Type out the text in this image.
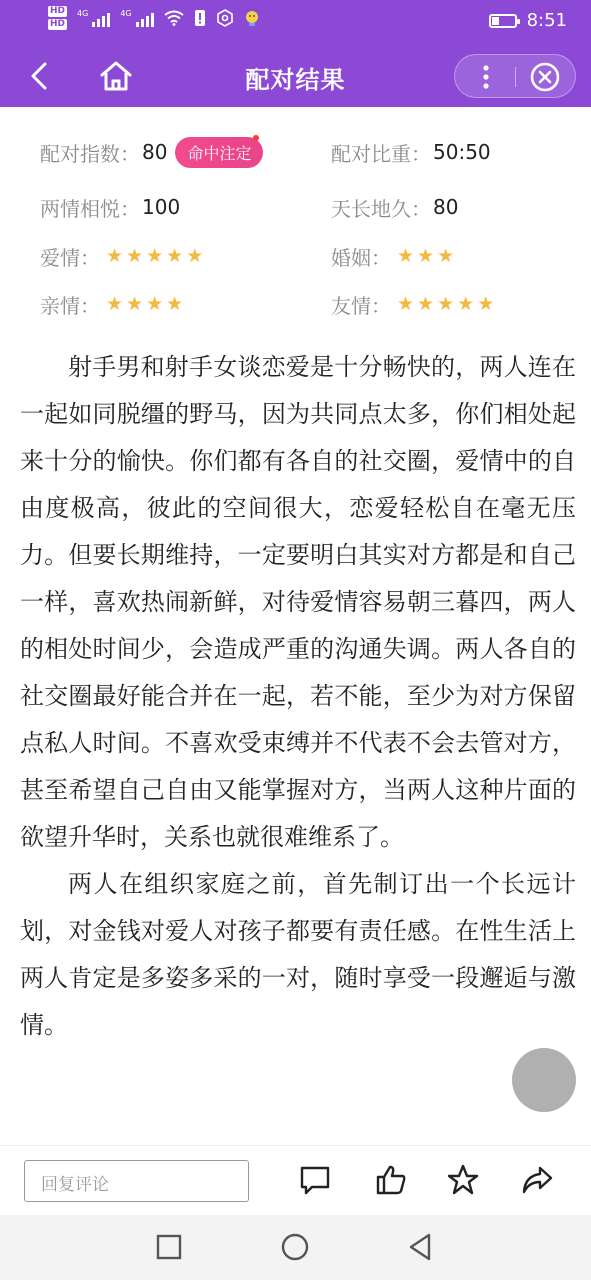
HD
HD
4G	4G	8:51
配对结果
配对指数： 80	命中注定	配对比重： 50:50
两情相悦： 100	天长地久： 80
爱情： ★ ★ ★ ★ ★	婚姻： ★ ★ ★
亲情： ★ ★ ★ ★	友情： ★ ★ ★ ★ ★

射手男和射手女谈恋爱是十分畅快的，两人连在一起如同脱缰的野马，因为共同点太多，你们相处起来十分的愉快。你们都有各自的社交圈，爱情中的自由度极高，彼此的空间很大，恋爱轻松自在毫无压力。但要长期维持，一定要明白其实对方都是和自己一样，喜欢热闹新鲜，对待爱情容易朝三暮四，两人的相处时间少，会造成严重的沟通失调。两人各自的社交圈最好能合并在一起，若不能，至少为对方保留点私人时间。不喜欢受束缚并不代表不会去管对方，甚至希望自己自由又能掌握对方，当两人这种片面的欲望升华时，关系也就很难维系了。

两人在组织家庭之前，首先制订出一个长远计划，对金钱对爱人对孩子都要有责任感。在性生活上两人肯定是多姿多采的一对，随时享受一段邂逅与激情。

回复评论
